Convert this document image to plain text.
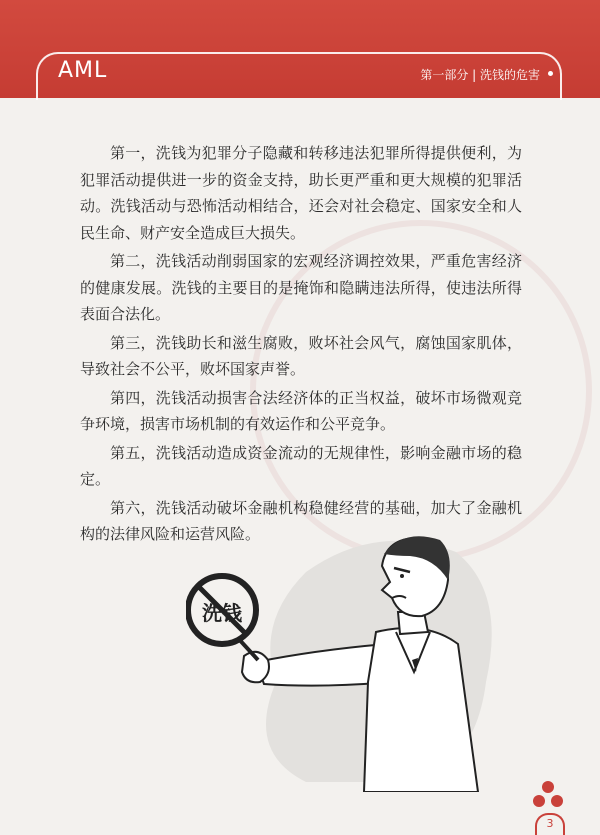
AML	第一部分 | 洗钱的危害

第一，洗钱为犯罪分子隐藏和转移违法犯罪所得提供便利，为犯罪活动提供进一步的资金支持，助长更严重和更大规模的犯罪活动。洗钱活动与恐怖活动相结合，还会对社会稳定、国家安全和人民生命、财产安全造成巨大损失。

第二，洗钱活动削弱国家的宏观经济调控效果，严重危害经济的健康发展。洗钱的主要目的是掩饰和隐瞒违法所得，使违法所得表面合法化。

第三，洗钱助长和滋生腐败，败坏社会风气，腐蚀国家肌体，导致社会不公平，败坏国家声誉。

第四，洗钱活动损害合法经济体的正当权益，破坏市场微观竞争环境，损害市场机制的有效运作和公平竞争。

第五，洗钱活动造成资金流动的无规律性，影响金融市场的稳定。

第六，洗钱活动破坏金融机构稳健经营的基础，加大了金融机构的法律风险和运营风险。

洗钱
3
